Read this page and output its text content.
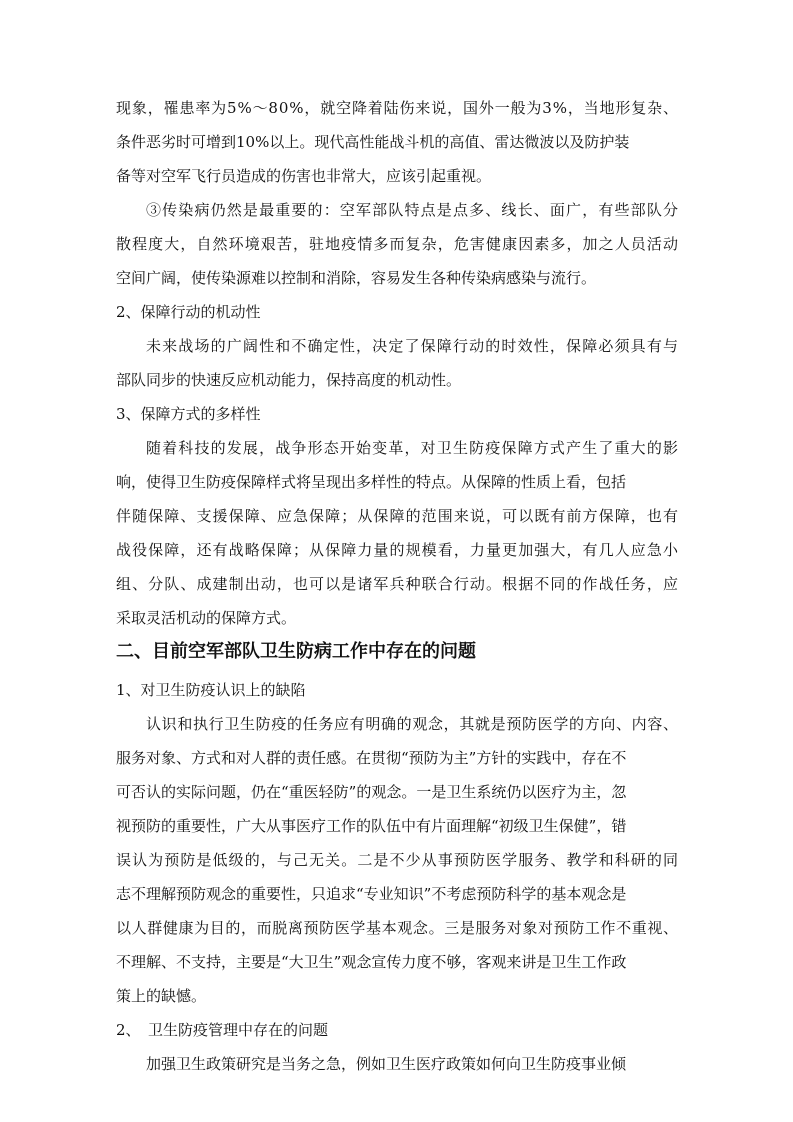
现象，罹患率为5%～80%，就空降着陆伤来说，国外一般为3%，当地形复杂、
条件恶劣时可增到10%以上。现代高性能战斗机的高值、雷达微波以及防护装
备等对空军飞行员造成的伤害也非常大，应该引起重视。
③传染病仍然是最重要的：空军部队特点是点多、线长、面广，有些部队分
散程度大，自然环境艰苦，驻地疫情多而复杂，危害健康因素多，加之人员活动
空间广阔，使传染源难以控制和消除，容易发生各种传染病感染与流行。
2、保障行动的机动性
未来战场的广阔性和不确定性，决定了保障行动的时效性，保障必须具有与
部队同步的快速反应机动能力，保持高度的机动性。
3、保障方式的多样性
随着科技的发展，战争形态开始变革，对卫生防疫保障方式产生了重大的影
响，使得卫生防疫保障样式将呈现出多样性的特点。从保障的性质上看，包括
伴随保障、支援保障、应急保障；从保障的范围来说，可以既有前方保障，也有
战役保障，还有战略保障；从保障力量的规模看，力量更加强大，有几人应急小
组、分队、成建制出动，也可以是诸军兵种联合行动。根据不同的作战任务，应
采取灵活机动的保障方式。
二、目前空军部队卫生防病工作中存在的问题
1、对卫生防疫认识上的缺陷
认识和执行卫生防疫的任务应有明确的观念，其就是预防医学的方向、内容、
服务对象、方式和对人群的责任感。在贯彻“预防为主”方针的实践中，存在不
可否认的实际问题，仍在“重医轻防”的观念。一是卫生系统仍以医疗为主，忽
视预防的重要性，广大从事医疗工作的队伍中有片面理解“初级卫生保健”，错
误认为预防是低级的，与己无关。二是不少从事预防医学服务、教学和科研的同
志不理解预防观念的重要性，只追求“专业知识”不考虑预防科学的基本观念是
以人群健康为目的，而脱离预防医学基本观念。三是服务对象对预防工作不重视、
不理解、不支持，主要是“大卫生”观念宣传力度不够，客观来讲是卫生工作政
策上的缺憾。
2、　卫生防疫管理中存在的问题
加强卫生政策研究是当务之急，例如卫生医疗政策如何向卫生防疫事业倾
